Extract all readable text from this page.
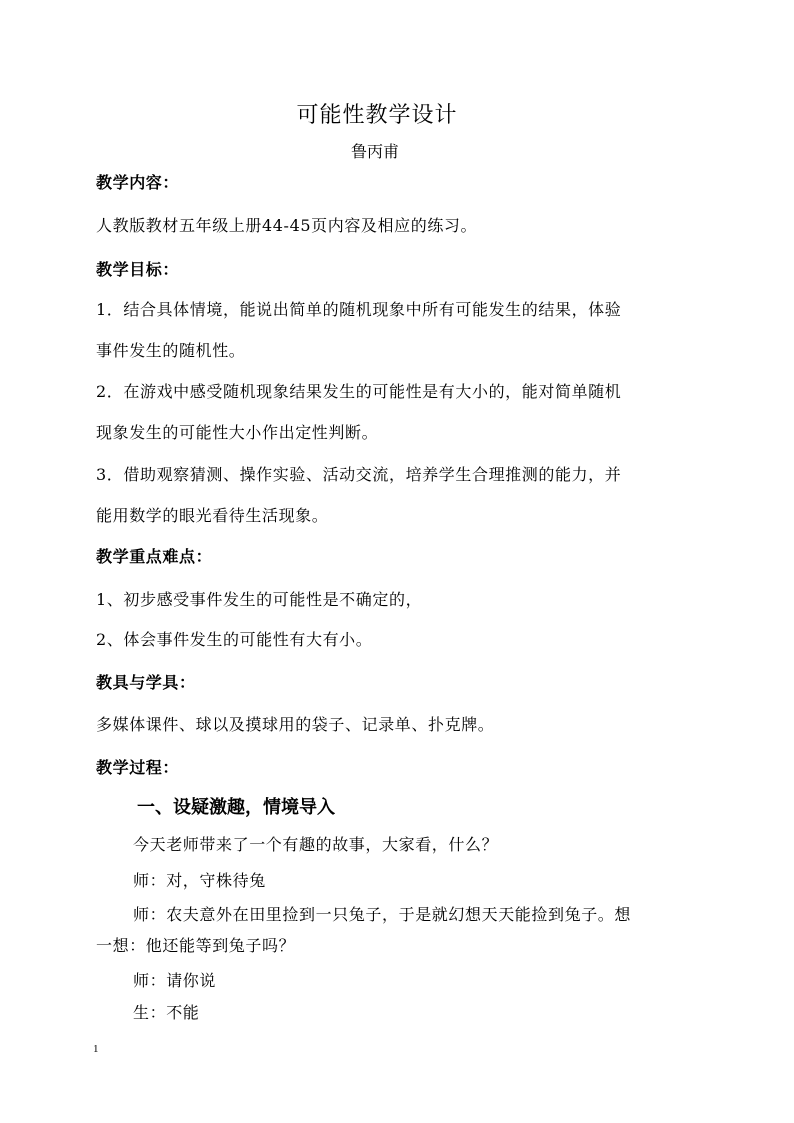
可能性教学设计
鲁丙甫
教学内容：
人教版教材五年级上册44-45页内容及相应的练习。
教学目标：
1．结合具体情境，能说出简单的随机现象中所有可能发生的结果，体验
事件发生的随机性。
2．在游戏中感受随机现象结果发生的可能性是有大小的，能对简单随机
现象发生的可能性大小作出定性判断。
3．借助观察猜测、操作实验、活动交流，培养学生合理推测的能力，并
能用数学的眼光看待生活现象。
教学重点难点：
1、初步感受事件发生的可能性是不确定的，
2、体会事件发生的可能性有大有小。
教具与学具：
多媒体课件、球以及摸球用的袋子、记录单、扑克牌。
教学过程：
一、设疑激趣，情境导入
今天老师带来了一个有趣的故事，大家看，什么？
师：对，守株待兔
师：农夫意外在田里捡到一只兔子，于是就幻想天天能捡到兔子。想
一想：他还能等到兔子吗？
师：请你说
生：不能
1
